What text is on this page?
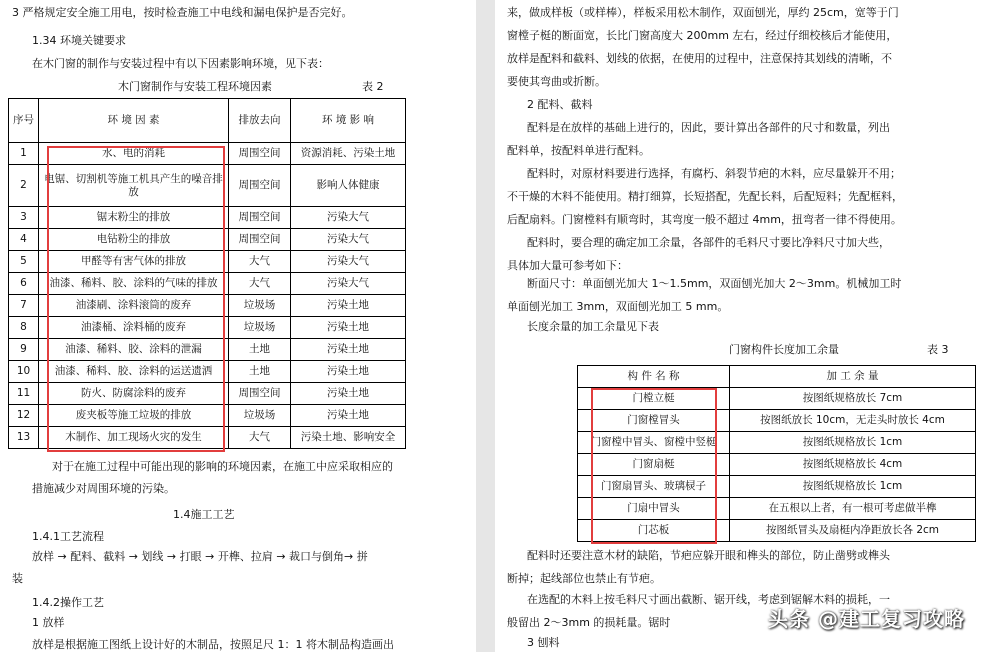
3 严格规定安全施工用电，按时检查施工中电线和漏电保护是否完好。
1.34 环境关键要求
在木门窗的制作与安装过程中有以下因素影响环境，见下表：
木门窗制作与安装工程环境因素	表 2
序号	环 境 因 素	排放去向	环 境 影 响
1	水、电的消耗	周围空间	资源消耗、污染土地
2	电锯、切割机等施工机具产生的噪音排放	周围空间	影响人体健康
3	锯末粉尘的排放	周围空间	污染大气
4	电钻粉尘的排放	周围空间	污染大气
5	甲醛等有害气体的排放	大气	污染大气
6	油漆、稀料、胶、涂料的气味的排放	大气	污染大气
7	油漆刷、涂料滚筒的废弃	垃圾场	污染土地
8	油漆桶、涂料桶的废弃	垃圾场	污染土地
9	油漆、稀料、胶、涂料的泄漏	土地	污染土地
10	油漆、稀料、胶、涂料的运送遗洒	土地	污染土地
11	防火、防腐涂料的废弃	周围空间	污染土地
12	废夹板等施工垃圾的排放	垃圾场	污染土地
13	木制作、加工现场火灾的发生	大气	污染土地、影响安全
对于在施工过程中可能出现的影响的环境因素，在施工中应采取相应的
措施减少对周围环境的污染。
1.4施工工艺
1.4.1工艺流程
放样 → 配料、截料 → 划线 → 打眼 → 开榫、拉肩 → 裁口与倒角→ 拼
装
1.4.2操作工艺
1 放样
放样是根据施工图纸上设计好的木制品，按照足尺 1：1 将木制品构造画出
来，做成样板（或样棒），样板采用松木制作，双面刨光，厚约 25cm，宽等于门
窗樘子梃的断面宽，长比门窗高度大 200mm 左右，经过仔细校核后才能使用，
放样是配料和截料、划线的依据，在使用的过程中，注意保持其划线的清晰，不
要使其弯曲或折断。
2 配料、截料
配料是在放样的基础上进行的，因此，要计算出各部件的尺寸和数量，列出
配料单，按配料单进行配料。
配料时，对原材料要进行选择，有腐朽、斜裂节疤的木料，应尽量躲开不用；
不干燥的木料不能使用。精打细算，长短搭配，先配长料，后配短料；先配框料，
后配扇料。门窗樘料有顺弯时，其弯度一般不超过 4mm，扭弯者一律不得使用。
配料时，要合理的确定加工余量，各部件的毛料尺寸要比净料尺寸加大些，
具体加大量可参考如下：
断面尺寸：单面刨光加大 1～1.5mm，双面刨光加大 2～3mm。机械加工时
单面刨光加工 3mm，双面刨光加工 5 mm。
长度余量的加工余量见下表
配料时还要注意木材的缺陷，节疤应躲开眼和榫头的部位，防止凿劈或榫头
断掉；起线部位也禁止有节疤。
在选配的木料上按毛料尺寸画出截断、锯开线，考虑到锯解木料的损耗，一
般留出 2～3mm 的损耗量。锯时
3 刨料
门窗构件长度加工余量	表 3
构 件 名 称	加 工 余 量
门樘立梃	按图纸规格放长 7cm
门窗樘冒头	按图纸放长 10cm，无走头时放长 4cm
门窗樘中冒头、窗樘中竖梃	按图纸规格放长 1cm
门窗扇梃	按图纸规格放长 4cm
门窗扇冒头、玻璃棂子	按图纸规格放长 1cm
门扇中冒头	在五根以上者，有一根可考虑做半榫
门芯板	按图纸冒头及扇梃内净距放长各 2cm
头条 @建工复习攻略
